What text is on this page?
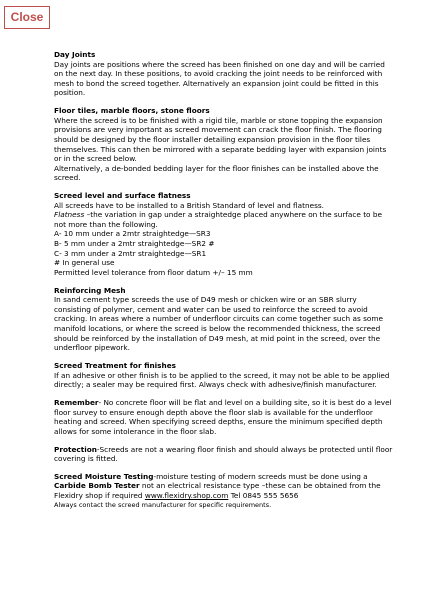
Close
Day Joints
Day joints are positions where the screed has been finished on one day and will be carried on the next day. In these positions, to avoid cracking the joint needs to be reinforced with mesh to bond the screed together. Alternatively an expansion joint could be fitted in this position.
Floor tiles, marble floors, stone floors
Where the screed is to be finished with a rigid tile, marble or stone topping the expansion provisions are very important as screed movement can crack the floor finish. The flooring should be designed by the floor installer detailing expansion provision in the floor tiles themselves. This can then be mirrored with a separate bedding layer with expansion joints or in the screed below.
Alternatively, a de-bonded bedding layer for the floor finishes can be installed above the screed.
Screed level and surface flatness
All screeds have to be installed to a British Standard of level and flatness.
Flatness –the variation in gap under a straightedge placed anywhere on the surface to be not more than the following.
A- 10 mm under a 2mtr straightedge—SR3
B- 5 mm under a 2mtr straightedge—SR2 #
C- 3 mm under a 2mtr straightedge—SR1
# In general use
Permitted level tolerance from floor datum +/– 15 mm
Reinforcing Mesh
In sand cement type screeds the use of D49 mesh or chicken wire or an SBR slurry consisting of polymer, cement and water can be used to reinforce the screed to avoid cracking. In areas where a number of underfloor circuits can come together such as some manifold locations, or where the screed is below the recommended thickness, the screed should be reinforced by the installation of D49 mesh, at mid point in the screed, over the underfloor pipework.
Screed Treatment for finishes
If an adhesive or other finish is to be applied to the screed, it may not be able to be applied directly; a sealer may be required first. Always check with adhesive/finish manufacturer.
Remember- No concrete floor will be flat and level on a building site, so it is best do a level floor survey to ensure enough depth above the floor slab is available for the underfloor heating and screed. When specifying screed depths, ensure the minimum specified depth allows for some intolerance in the floor slab.
Protection-Screeds are not a wearing floor finish and should always be protected until floor covering is fitted.
Screed Moisture Testing-moisture testing of modern screeds must be done using a Carbide Bomb Tester not an electrical resistance type –these can be obtained from the Flexidry shop if required www.flexidry.shop.com Tel 0845 555 5656
Always contact the screed manufacturer for specific requirements.
